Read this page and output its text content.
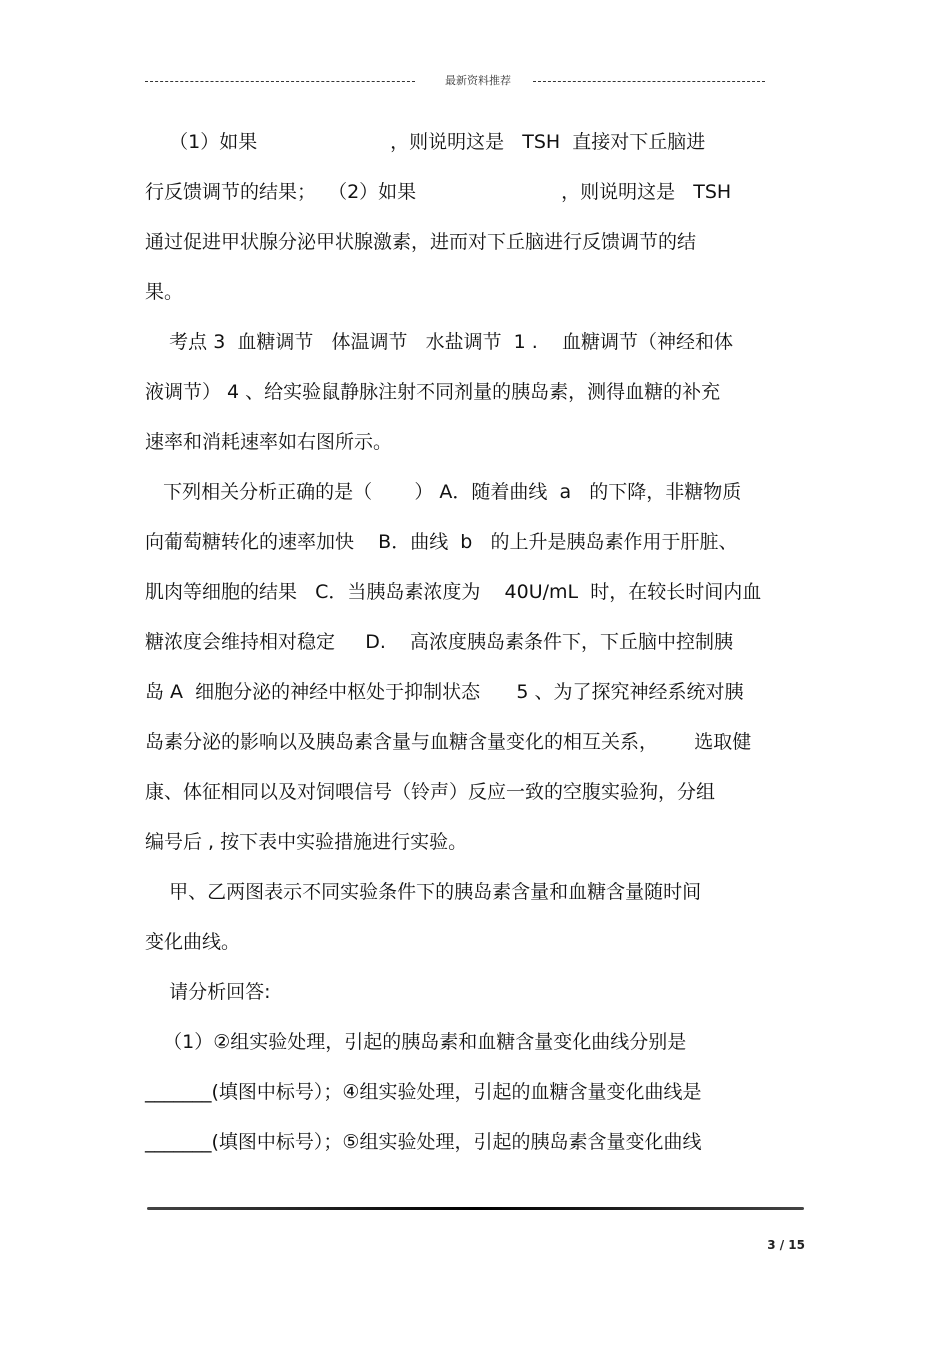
最新资料推荐
（1）如果                      ，则说明这是   TSH  直接对下丘脑进
行反馈调节的结果；  （2）如果                        ，则说明这是   TSH
通过促进甲状腺分泌甲状腺激素，进而对下丘脑进行反馈调节的结
果。
考点 3  血糖调节   体温调节   水盐调节  1 .    血糖调节（神经和体
液调节） 4 、给实验鼠静脉注射不同剂量的胰岛素，测得血糖的补充
速率和消耗速率如右图所示。
下列相关分析正确的是（       ） A．随着曲线  a   的下降，非糖物质
向葡萄糖转化的速率加快    B．曲线  b   的上升是胰岛素作用于肝脏、
肌肉等细胞的结果   C．当胰岛素浓度为    40U/mL  时，在较长时间内血
糖浓度会维持相对稳定     D.    高浓度胰岛素条件下，下丘脑中控制胰
岛 A  细胞分泌的神经中枢处于抑制状态      5 、为了探究神经系统对胰
岛素分泌的影响以及胰岛素含量与血糖含量变化的相互关系，      选取健
康、体征相同以及对饲喂信号（铃声）反应一致的空腹实验狗，分组
编号后 , 按下表中实验措施进行实验。
甲、乙两图表示不同实验条件下的胰岛素含量和血糖含量随时间
变化曲线。
请分析回答:
（1）②组实验处理，引起的胰岛素和血糖含量变化曲线分别是
_______(填图中标号）；④组实验处理，引起的血糖含量变化曲线是
_______(填图中标号）；⑤组实验处理，引起的胰岛素含量变化曲线
3 / 15
